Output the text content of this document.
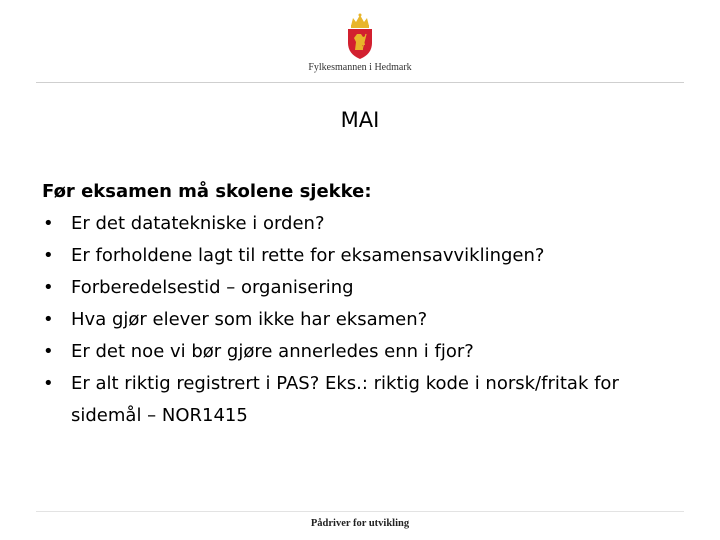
Fylkesmannen i Hedmark
MAI
Før eksamen må skolene sjekke:
• Er det datatekniske i orden?
• Er forholdene lagt til rette for eksamensavviklingen?
• Forberedelsestid – organisering
• Hva gjør elever som ikke har eksamen?
• Er det noe vi bør gjøre annerledes enn i fjor?
• Er alt riktig registrert i PAS? Eks.: riktig kode i norsk/fritak for sidemål – NOR1415
Pådriver for utvikling
